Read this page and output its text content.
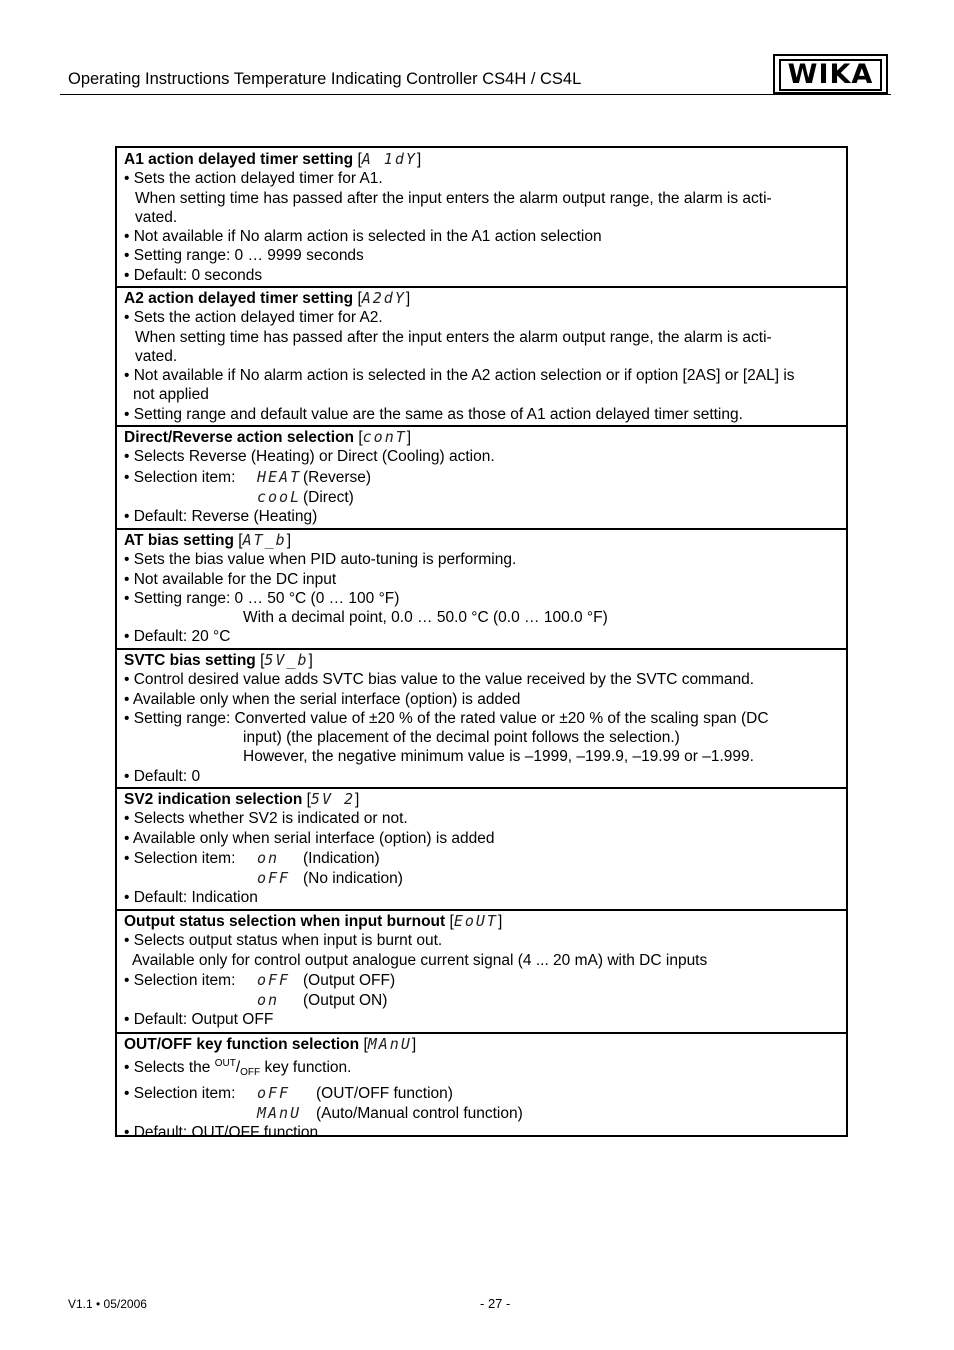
Operating Instructions Temperature Indicating Controller CS4H / CS4L	WIKA
A1 action delayed timer setting [A 1dY]
• Sets the action delayed timer for A1.
When setting time has passed after the input enters the alarm output range, the alarm is acti-
vated.
• Not available if No alarm action is selected in the A1 action selection
• Setting range: 0 … 9999 seconds
• Default: 0 seconds
A2 action delayed timer setting [A2dY]
• Sets the action delayed timer for A2.
When setting time has passed after the input enters the alarm output range, the alarm is acti-
vated.
• Not available if No alarm action is selected in the A2 action selection or if option [2AS] or [2AL] is
not applied
• Setting range and default value are the same as those of A1 action delayed timer setting.
Direct/Reverse action selection [conT]
• Selects Reverse (Heating) or Direct (Cooling) action.
• Selection item: HEAT (Reverse)
cooL (Direct)
• Default: Reverse (Heating)
AT bias setting [AT_b]
• Sets the bias value when PID auto-tuning is performing.
• Not available for the DC input
• Setting range: 0 … 50 °C (0 … 100 °F)
With a decimal point, 0.0 … 50.0 °C (0.0 … 100.0 °F)
• Default: 20 °C
SVTC bias setting [5V_b]
• Control desired value adds SVTC bias value to the value received by the SVTC command.
• Available only when the serial interface (option) is added
• Setting range: Converted value of ±20 % of the rated value or ±20 % of the scaling span (DC
input) (the placement of the decimal point follows the selection.)
However, the negative minimum value is –1999, –199.9, –19.99 or –1.999.
• Default: 0
SV2 indication selection [5V 2]
• Selects whether SV2 is indicated or not.
• Available only when serial interface (option) is added
• Selection item: on (Indication)
oFF (No indication)
• Default: Indication
Output status selection when input burnout [EoUT]
• Selects output status when input is burnt out.
Available only for control output analogue current signal (4 ... 20 mA) with DC inputs
• Selection item: oFF (Output OFF)
on (Output ON)
• Default: Output OFF
OUT/OFF key function selection [MAnU]
• Selects the $^{OUT}/_{OFF}$ key function.
• Selection item: oFF (OUT/OFF function)
MAnU (Auto/Manual control function)
• Default: OUT/OFF function
V1.1 • 05/2006	- 27 -
